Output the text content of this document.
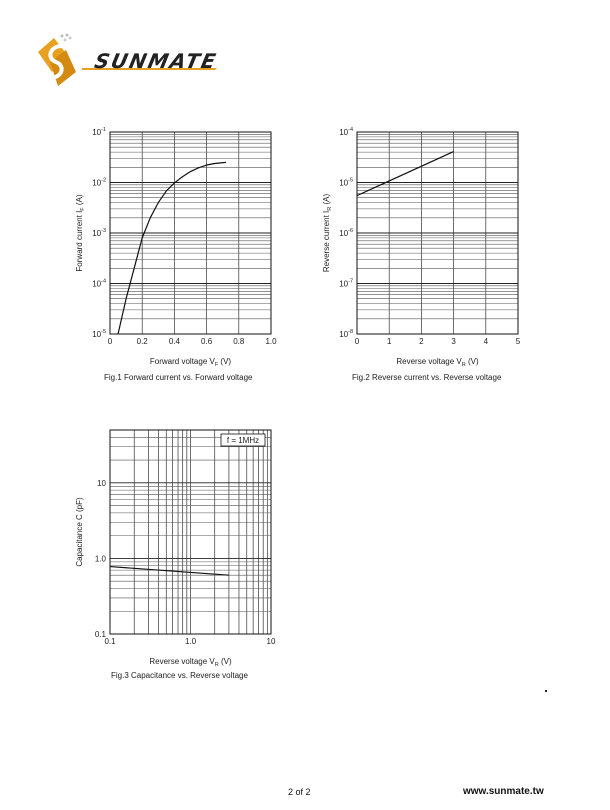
SUNMATE
0	0.2	0.4	0.6	0.8	1.0
$10^{-1}$
$10^{-2}$
$10^{-3}$
$10^{-4}$
$10^{-5}$
Forward voltage $V_F$ (V)
Forward current $I_F$ (A)
Fig.1 Forward current vs. Forward voltage
0	1	2	3	4	5
$10^{-4}$
$10^{-5}$
$10^{-6}$
$10^{-7}$
$10^{-8}$
Reverse voltage $V_R$ (V)
Reverse current $I_R$ (A)
Fig.2 Reverse current vs. Reverse voltage
0.1	1.0	10
10
1.0
0.1
Reverse voltage $V_R$ (V)
Capacitance C (pF)
f = 1MHz
Fig.3 Capacitance vs. Reverse voltage
2 of 2	www.sunmate.tw
